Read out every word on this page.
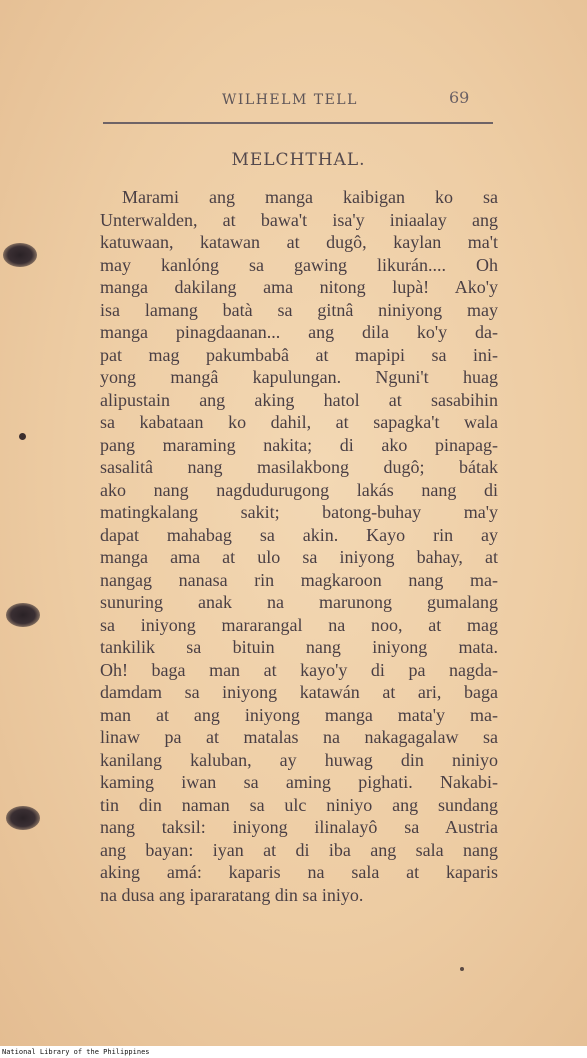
WILHELM TELL	69
MELCHTHAL.
Marami ang manga kaibigan ko sa
Unterwalden, at bawa't isa'y iniaalay ang
katuwaan, katawan at dugô, kaylan ma't
may kanlóng sa gawing likurán.... Oh
manga dakilang ama nitong lupà! Ako'y
isa lamang batà sa gitnâ niniyong may
manga pinagdaanan... ang dila ko'y da-
pat mag pakumbabâ at mapipi sa ini-
yong mangâ kapulungan. Nguni't huag
alipustain ang aking hatol at sasabihin
sa kabataan ko dahil, at sapagka't wala
pang maraming nakita; di ako pinapag-
sasalitâ nang masilakbong dugô; bátak
ako nang nagdudurugong lakás nang di
matingkalang sakit; batong-buhay ma'y
dapat mahabag sa akin. Kayo rin ay
manga ama at ulo sa iniyong bahay, at
nangag nanasa rin magkaroon nang ma-
sunuring anak na marunong gumalang
sa iniyong mararangal na noo, at mag
tankilik sa bituin nang iniyong mata.
Oh! baga man at kayo'y di pa nagda-
damdam sa iniyong katawán at ari, baga
man at ang iniyong manga mata'y ma-
linaw pa at matalas na nakagagalaw sa
kanilang kaluban, ay huwag din niniyo
kaming iwan sa aming pighati. Nakabi-
tin din naman sa ulc niniyo ang sundang
nang taksil: iniyong ilinalayô sa Austria
ang bayan: iyan at di iba ang sala nang
aking amá: kaparis na sala at kaparis
na dusa ang ipararatang din sa iniyo.
National Library of the Philippines
